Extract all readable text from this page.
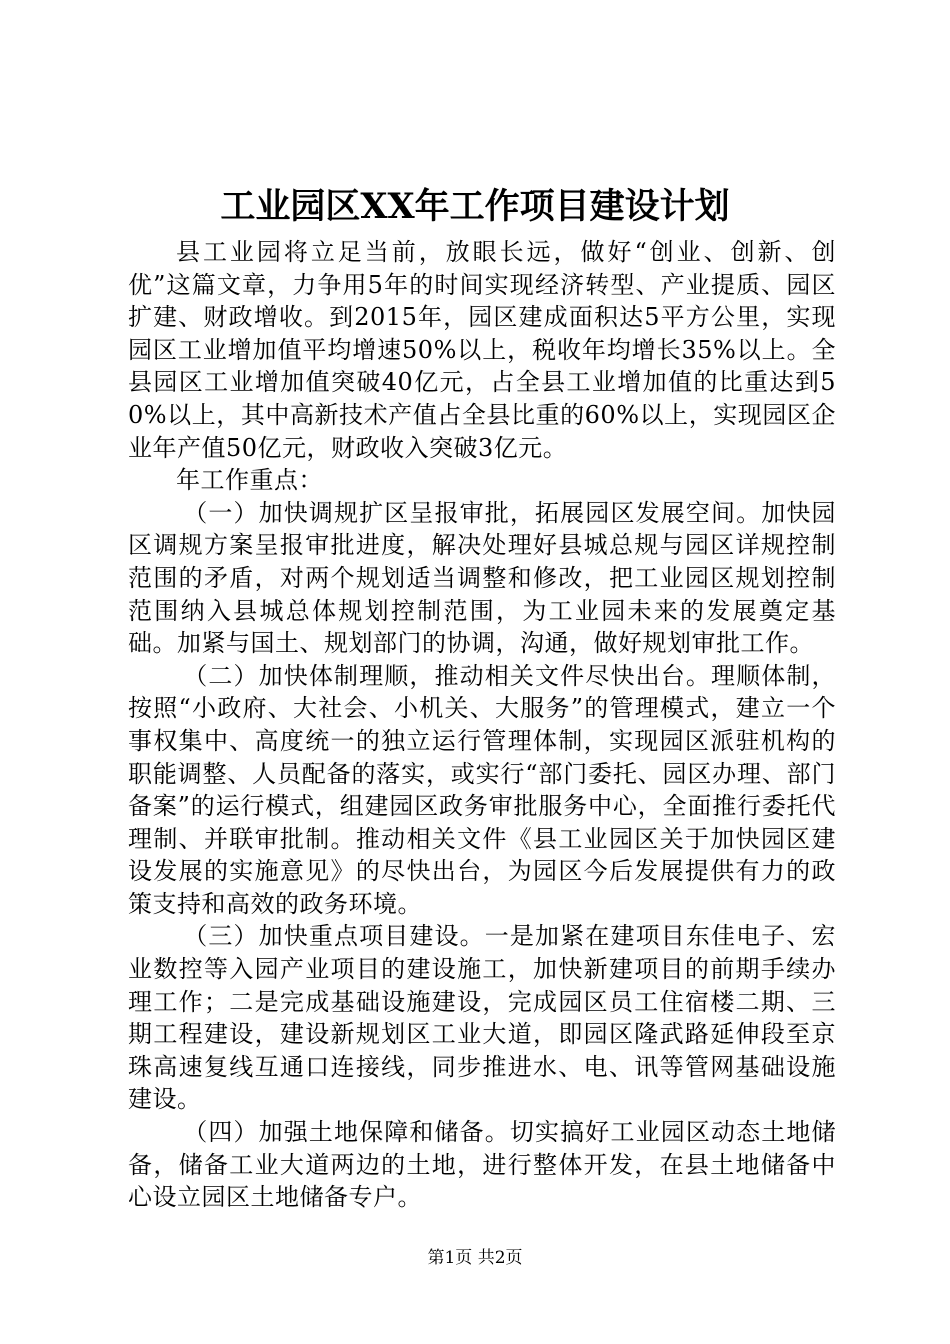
工业园区XX年工作项目建设计划

县工业园将立足当前，放眼长远，做好“创业、创新、创优”这篇文章，力争用5年的时间实现经济转型、产业提质、园区扩建、财政增收。到2015年，园区建成面积达5平方公里，实现园区工业增加值平均增速50%以上，税收年均增长35%以上。全县园区工业增加值突破40亿元，占全县工业增加值的比重达到50%以上，其中高新技术产值占全县比重的60%以上，实现园区企业年产值50亿元，财政收入突破3亿元。

年工作重点：

（一）加快调规扩区呈报审批，拓展园区发展空间。加快园区调规方案呈报审批进度，解决处理好县城总规与园区详规控制范围的矛盾，对两个规划适当调整和修改，把工业园区规划控制范围纳入县城总体规划控制范围，为工业园未来的发展奠定基础。加紧与国土、规划部门的协调，沟通，做好规划审批工作。

（二）加快体制理顺，推动相关文件尽快出台。理顺体制，按照“小政府、大社会、小机关、大服务”的管理模式，建立一个事权集中、高度统一的独立运行管理体制，实现园区派驻机构的职能调整、人员配备的落实，或实行“部门委托、园区办理、部门备案”的运行模式，组建园区政务审批服务中心，全面推行委托代理制、并联审批制。推动相关文件《县工业园区关于加快园区建设发展的实施意见》的尽快出台，为园区今后发展提供有力的政策支持和高效的政务环境。

（三）加快重点项目建设。一是加紧在建项目东佳电子、宏业数控等入园产业项目的建设施工，加快新建项目的前期手续办理工作；二是完成基础设施建设，完成园区员工住宿楼二期、三期工程建设，建设新规划区工业大道，即园区隆武路延伸段至京珠高速复线互通口连接线，同步推进水、电、讯等管网基础设施建设。

（四）加强土地保障和储备。切实搞好工业园区动态土地储备，储备工业大道两边的土地，进行整体开发，在县土地储备中心设立园区土地储备专户。

第1页 共2页
